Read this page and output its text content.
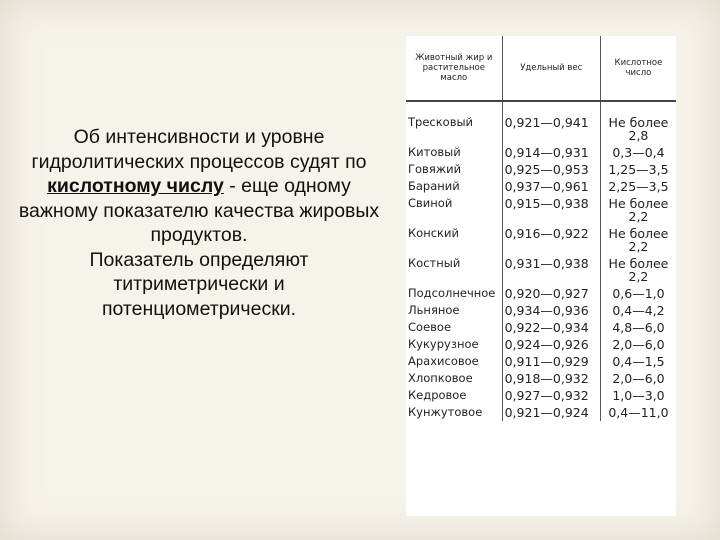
Об интенсивности и уровне гидролитических процессов судят по кислотному числу - еще одному важному показателю качества жировых продуктов.

Показатель определяют титриметрически и потенциометрически.

Животный жир и растительное масло	Удельный вес	Кислотное число

Тресковый	0,921—0,941	Не более 2,8
Китовый	0,914—0,931	0,3—0,4
Говяжий	0,925—0,953	1,25—3,5
Бараний	0,937—0,961	2,25—3,5
Свиной	0,915—0,938	Не более 2,2
Конский	0,916—0,922	Не более 2,2
Костный	0,931—0,938	Не более 2,2
Подсолнечное	0,920—0,927	0,6—1,0
Льняное	0,934—0,936	0,4—4,2
Соевое	0,922—0,934	4,8—6,0
Кукурузное	0,924—0,926	2,0—6,0
Арахисовое	0,911—0,929	0,4—1,5
Хлопковое	0,918—0,932	2,0—6,0
Кедровое	0,927—0,932	1,0—3,0
Кунжутовое	0,921—0,924	0,4—11,0
